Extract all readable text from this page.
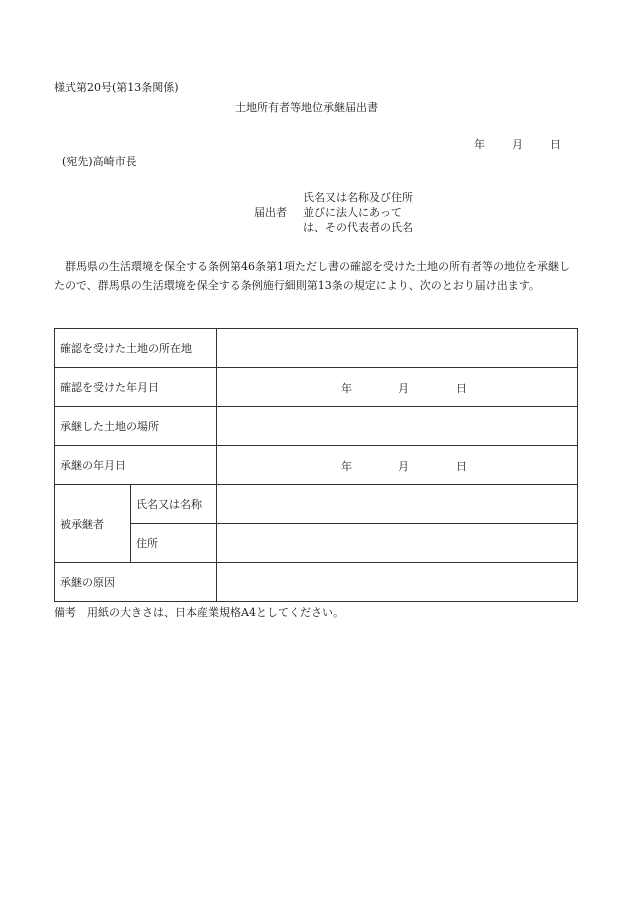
様式第20号(第13条関係)
土地所有者等地位承継届出書
年 月 日
(宛先)高崎市長
届出者
氏名又は名称及び住所
並びに法人にあって
は、その代表者の氏名
群馬県の生活環境を保全する条例第46条第1項ただし書の確認を受けた土地の所有者等の地位を承継したので、群馬県の生活環境を保全する条例施行細則第13条の規定により、次のとおり届け出ます。
確認を受けた土地の所在地		
確認を受けた年月日		年 月 日

承継した土地の場所		
承継の年月日		年 月 日

被承継者	氏名又は名称	
	住所	
承継の原因		
備考　用紙の大きさは、日本産業規格A4としてください。
